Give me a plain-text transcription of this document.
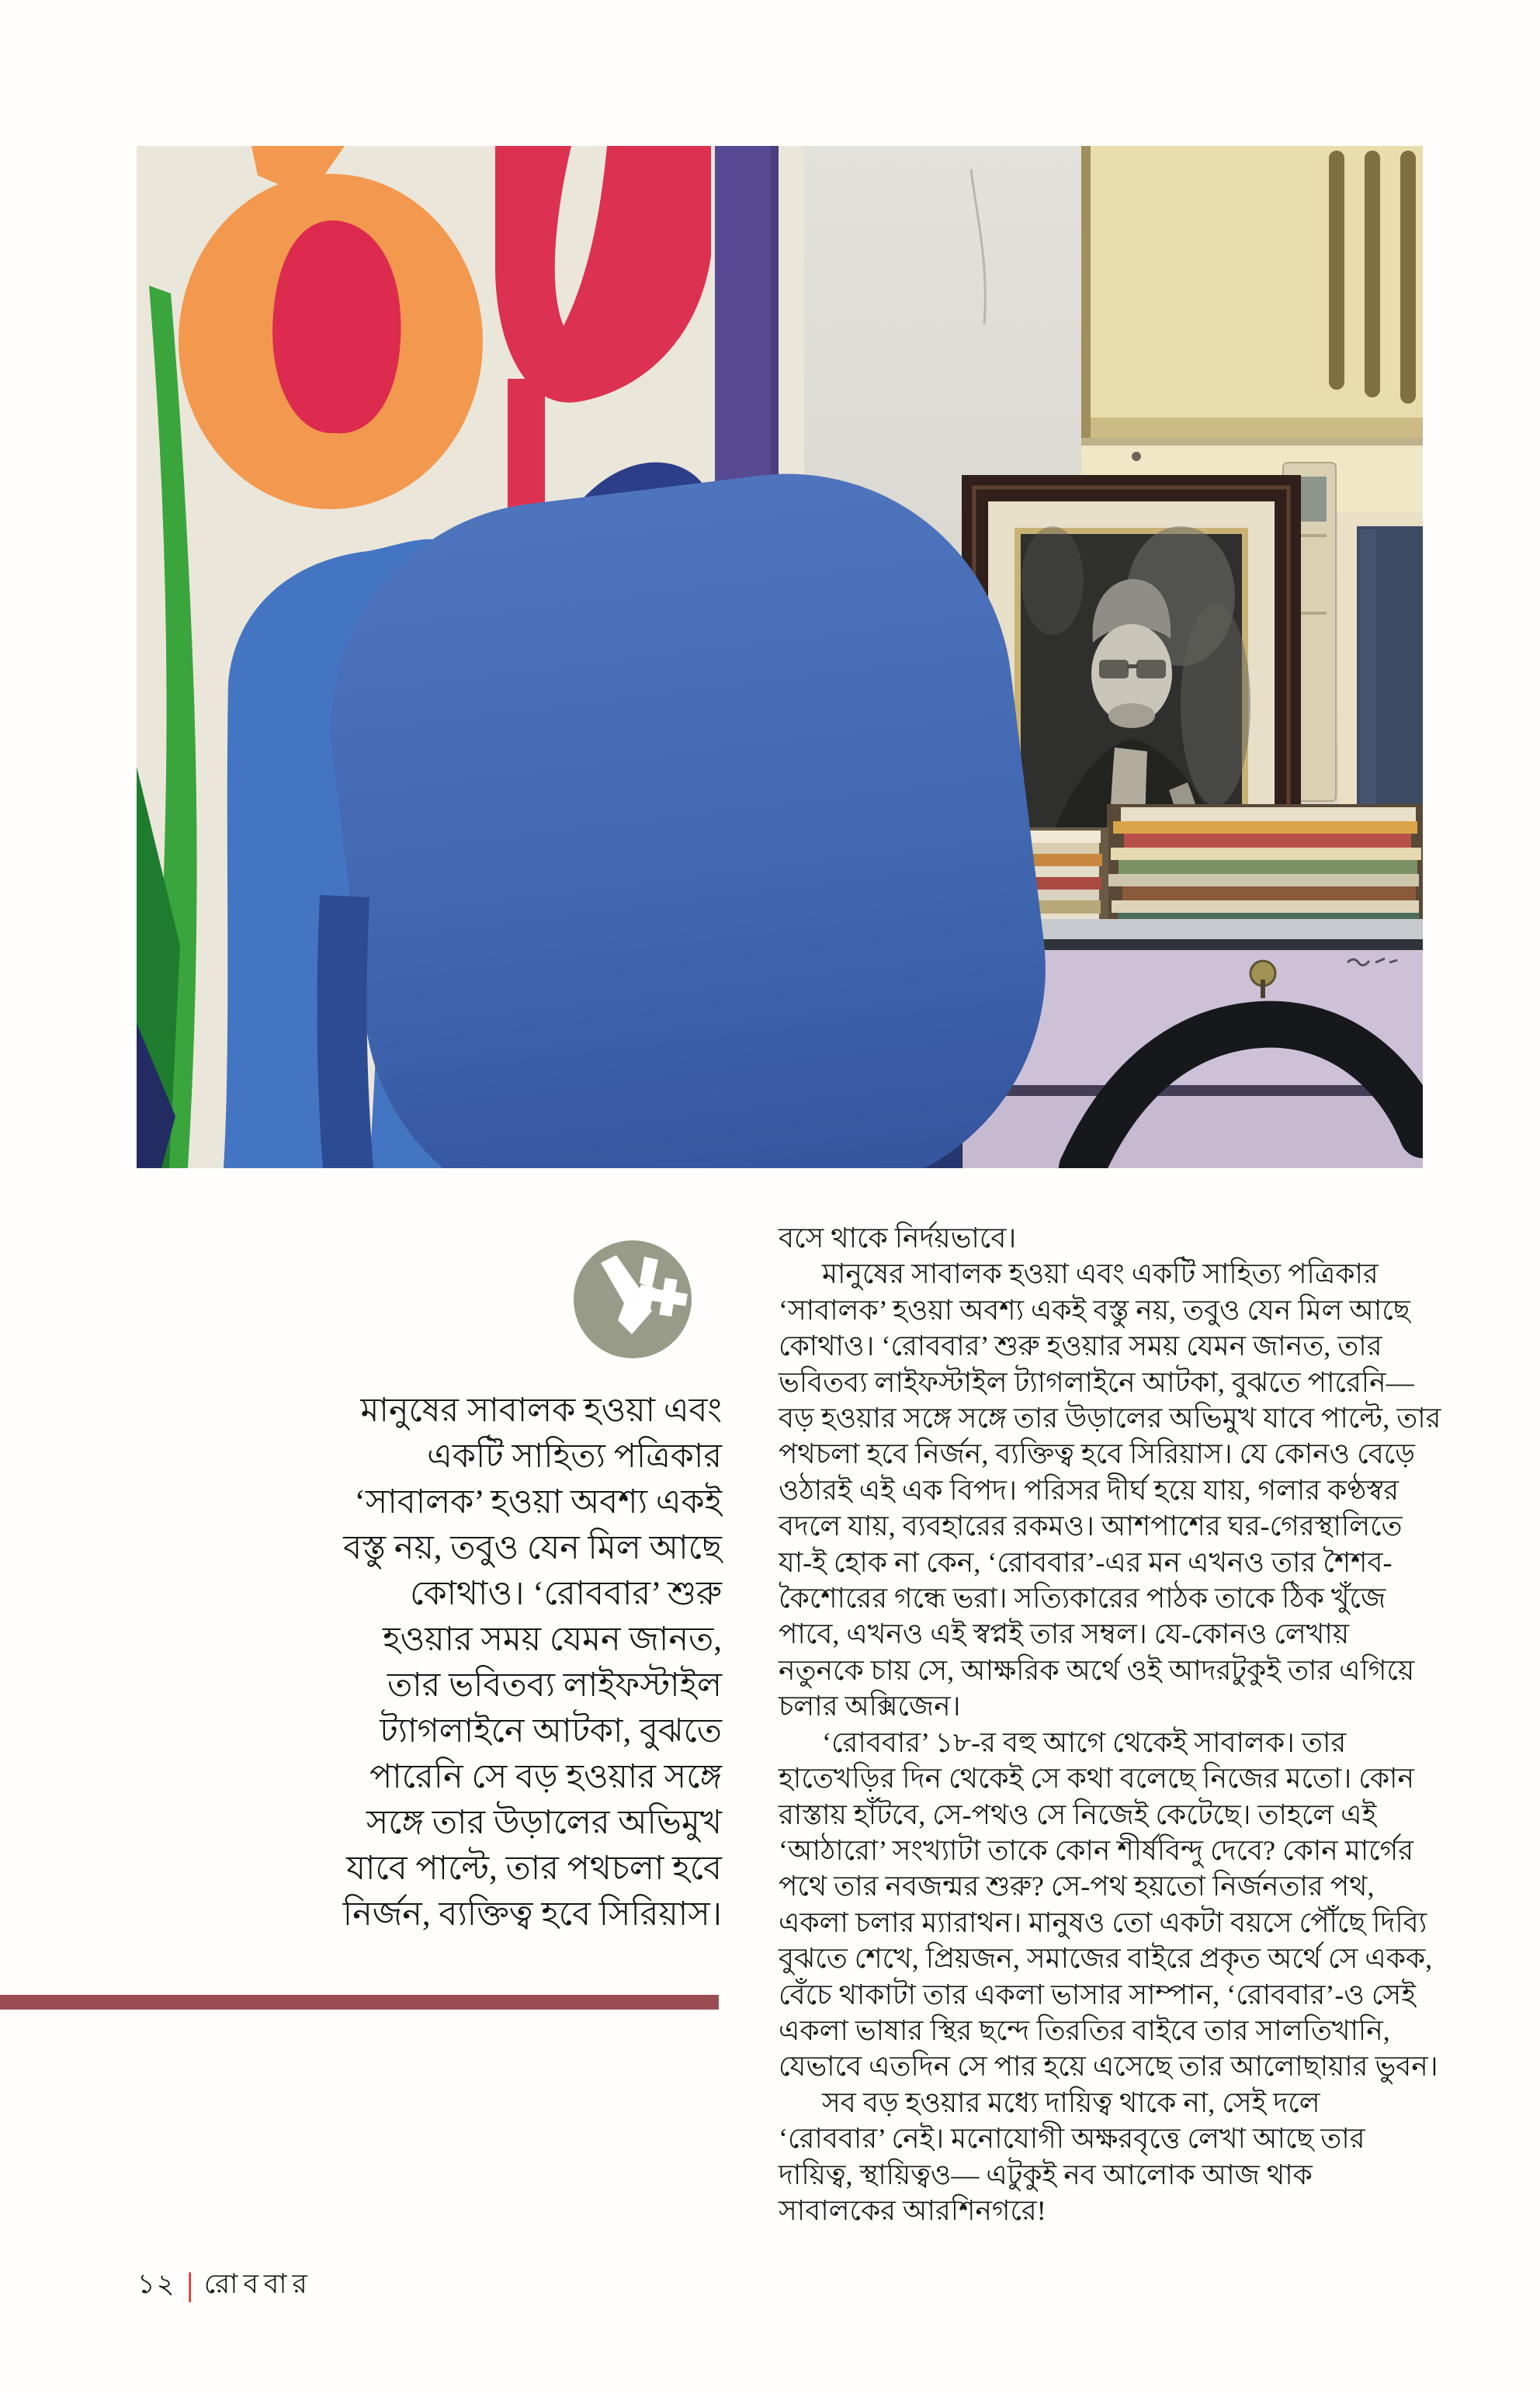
মানুষের সাবালক হওয়া এবং
একটি সাহিত্য পত্রিকার
‘সাবালক’ হওয়া অবশ্য একই
বস্তু নয়, তবুও যেন মিল আছে
কোথাও। ‘রোববার’ শুরু
হওয়ার সময় যেমন জানত,
তার ভবিতব্য লাইফস্টাইল
ট্যাগলাইনে আটকা, বুঝতে
পারেনি সে বড় হওয়ার সঙ্গে
সঙ্গে তার উড়ালের অভিমুখ
যাবে পাল্টে, তার পথচলা হবে
নির্জন, ব্যক্তিত্ব হবে সিরিয়াস।
বসে থাকে নির্দয়ভাবে।
মানুষের সাবালক হওয়া এবং একটি সাহিত্য পত্রিকার
‘সাবালক’ হওয়া অবশ্য একই বস্তু নয়, তবুও যেন মিল আছে
কোথাও। ‘রোববার’ শুরু হওয়ার সময় যেমন জানত, তার
ভবিতব্য লাইফস্টাইল ট্যাগলাইনে আটকা, বুঝতে পারেনি—
বড় হওয়ার সঙ্গে সঙ্গে তার উড়ালের অভিমুখ যাবে পাল্টে, তার
পথচলা হবে নির্জন, ব্যক্তিত্ব হবে সিরিয়াস। যে কোনও বেড়ে
ওঠারই এই এক বিপদ। পরিসর দীর্ঘ হয়ে যায়, গলার কণ্ঠস্বর
বদলে যায়, ব্যবহারের রকমও। আশপাশের ঘর-গেরস্থালিতে
যা-ই হোক না কেন, ‘রোববার’-এর মন এখনও তার শৈশব-
কৈশোরের গন্ধে ভরা। সত্যিকারের পাঠক তাকে ঠিক খুঁজে
পাবে, এখনও এই স্বপ্নই তার সম্বল। যে-কোনও লেখায়
নতুনকে চায় সে, আক্ষরিক অর্থে ওই আদরটুকুই তার এগিয়ে
চলার অক্সিজেন।
‘রোববার’ ১৮-র বহু আগে থেকেই সাবালক। তার
হাতেখড়ির দিন থেকেই সে কথা বলেছে নিজের মতো। কোন
রাস্তায় হাঁটবে, সে-পথও সে নিজেই কেটেছে। তাহলে এই
‘আঠারো’ সংখ্যাটা তাকে কোন শীর্ষবিন্দু দেবে? কোন মার্গের
পথে তার নবজন্মর শুরু? সে-পথ হয়তো নির্জনতার পথ,
একলা চলার ম্যারাথন। মানুষও তো একটা বয়সে পৌঁছে দিব্যি
বুঝতে শেখে, প্রিয়জন, সমাজের বাইরে প্রকৃত অর্থে সে একক,
বেঁচে থাকাটা তার একলা ভাসার সাম্পান, ‘রোববার’-ও সেই
একলা ভাষার স্থির ছন্দে তিরতির বাইবে তার সালতিখানি,
যেভাবে এতদিন সে পার হয়ে এসেছে তার আলোছায়ার ভুবন।
সব বড় হওয়ার মধ্যে দায়িত্ব থাকে না, সেই দলে
‘রোববার’ নেই। মনোযোগী অক্ষরবৃত্তে লেখা আছে তার
দায়িত্ব, স্থায়িত্বও— এটুকুই নব আলোক আজ থাক
সাবালকের আরশিনগরে!
১২ | রোববার
